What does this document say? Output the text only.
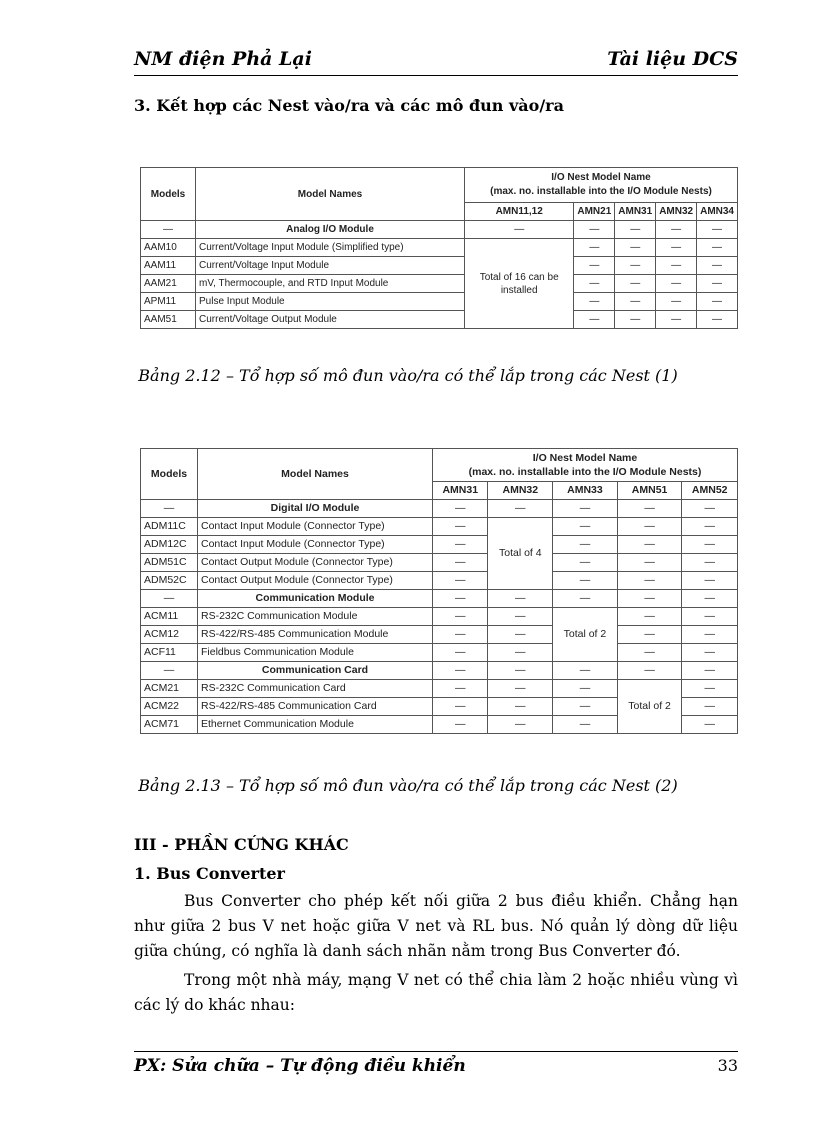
NM điện Phả Lại	Tài liệu DCS
3. Kết hợp các Nest vào/ra và các mô đun vào/ra
Models	Model Names	I/O Nest Model Name
(max. no. installable into the I/O Module Nests)				

		AMN11,12	AMN21	AMN31	AMN32	AMN34
—	Analog I/O Module	—	—	—	—	—
AAM10	Current/Voltage Input Module (Simplified type)	Total of 16 can be installed	—	—	—	—
AAM11	Current/Voltage Input Module		—	—	—	—
AAM21	mV, Thermocouple, and RTD Input Module		—	—	—	—
APM11	Pulse Input Module		—	—	—	—
AAM51	Current/Voltage Output Module		—	—	—	—
Bảng 2.12 – Tổ hợp số mô đun vào/ra có thể lắp trong các Nest (1)
Models	Model Names	I/O Nest Model Name
(max. no. installable into the I/O Module Nests)				

		AMN31	AMN32	AMN33	AMN51	AMN52
—	Digital I/O Module	—	—	—	—	—
ADM11C	Contact Input Module (Connector Type)	—	Total of 4	—	—	—
ADM12C	Contact Input Module (Connector Type)	—		—	—	—
ADM51C	Contact Output Module (Connector Type)	—		—	—	—
ADM52C	Contact Output Module (Connector Type)	—		—	—	—
—	Communication Module	—	—	—	—	—
ACM11	RS-232C Communication Module	—	—	Total of 2	—	—
ACM12	RS-422/RS-485 Communication Module	—	—		—	—
ACF11	Fieldbus Communication Module	—	—		—	—
—	Communication Card	—	—	—	—	—
ACM21	RS-232C Communication Card	—	—	—	Total of 2	—
ACM22	RS-422/RS-485 Communication Card	—	—	—		—
ACM71	Ethernet Communication Module	—	—	—		—
Bảng 2.13 – Tổ hợp số mô đun vào/ra có thể lắp trong các Nest (2)
III - PHẦN CỨNG KHÁC
1. Bus Converter
Bus Converter cho phép kết nối giữa 2 bus điều khiển. Chẳng hạn như giữa 2 bus V net hoặc giữa V net và RL bus. Nó quản lý dòng dữ liệu giữa chúng, có nghĩa là danh sách nhãn nằm trong Bus Converter đó.
Trong một nhà máy, mạng V net có thể chia làm 2 hoặc nhiều vùng vì các lý do khác nhau:
PX: Sửa chữa – Tự động điều khiển	33
